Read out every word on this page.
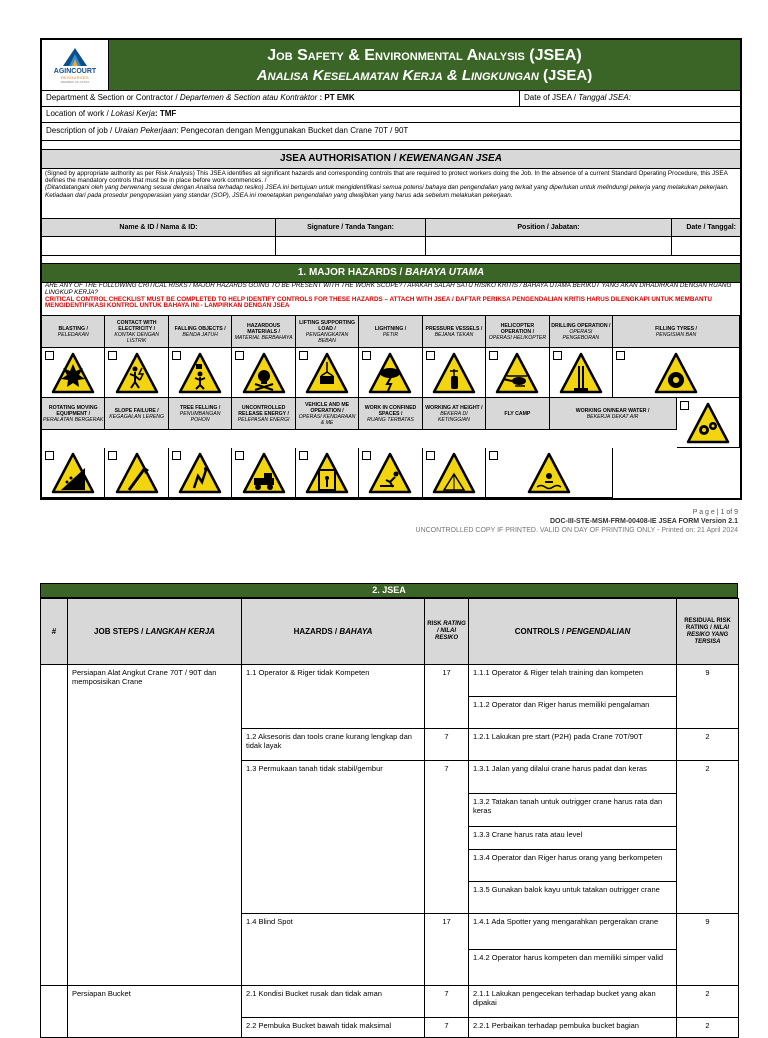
AGINCOURT
RESOURCES
MEMBER OF ASTRA
Job Safety & Environmental Analysis (JSEA)
Analisa Keselamatan Kerja & Lingkungan (JSEA)
Department & Section or Contractor / Departemen & Section atau Kontraktor : PT EMK	Date of JSEA / Tanggal JSEA:
Location of work / Lokasi Kerja: TMF
Description of job / Uraian Pekerjaan: Pengecoran dengan Menggunakan Bucket dan Crane 70T / 90T
JSEA AUTHORISATION / KEWENANGAN JSEA
(Signed by appropriate authority as per Risk Analysis) This JSEA identifies all significant hazards and corresponding controls that are required to protect workers doing the Job. In the absence of a current Standard Operating Procedure, this JSEA defines the mandatory controls that must be in place before work commences. /
(Ditandatangani oleh yang berwenang sesuai dengan Analisa terhadap resiko) JSEA ini bertujuan untuk mengidentifikasi semua potensi bahaya dan pengendalian yang terkait yang diperlukan untuk melindungi pekerja yang melakukan pekerjaan. Ketiadaan dari pada prosedur pengoperasian yang standar (SOP), JSEA ini menetapkan pengendalian yang diwajibkan yang harus ada sebelum melakukan pekerjaan.
Name & ID / Nama & ID:	Signature / Tanda Tangan:	Position / Jabatan:	Date / Tanggal:
1. MAJOR HAZARDS / BAHAYA UTAMA
ARE ANY OF THE FOLLOWING CRITICAL RISKS / MAJOR HAZARDS GOING TO BE PRESENT WITH THE WORK SCOPE? / APAKAH SALAH SATU RISIKO KRITIS / BAHAYA UTAMA BERIKUT YANG AKAN DIHADIRKAN DENGAN RUANG LINGKUP KERJA?
CRITICAL CONTROL CHECKLIST MUST BE COMPLETED TO HELP IDENTIFY CONTROLS FOR THESE HAZARDS – ATTACH WITH JSEA / DAFTAR PERIKSA PENGENDALIAN KRITIS HARUS DILENGKAPI UNTUK MEMBANTU MENGIDENTIFIKASI KONTROL UNTUK BAHAYA INI - LAMPIRKAN DENGAN JSEA
BLASTING /
PELEDAKAN
CONTACT WITH ELECTRICITY /
KONTAK DENGAN LISTRIK
FALLING OBJECTS /
BENDA JATUH
HAZARDOUS MATERIALS /
MATERIAL BERBAHAYA
LIFTING SUPPORTING LOAD /
PENGANGKATAN BEBAN
LIGHTNING /
PETIR
PRESSURE VESSELS /
BEJANA TEKAN
HELICOPTER OPERATION /
OPERASI HELIKOPTER
DRILLING OPERATION /
OPERASI PENGEBORAN
FILLING TYRES /
PENGISIAN BAN
ROTATING MOVING EQUIPMENT /
PERALATAN BERGERAK
SLOPE FAILURE /
KEGAGALAN LERENG
TREE FELLING /
PENUMBANGAN POHON
UNCONTROLLED RELEASE ENERGY /
PELEPASAN ENERGI
VEHICLE AND ME OPERATION /
OPERASI KENDARAAN & ME
WORK IN CONFINED SPACES /
RUANG TERBATAS
WORKING AT HEIGHT /
BEKERA DI KETINGGIAN
FLY CAMP	WORKING ON/NEAR WATER /
BEKERJA DEKAT AIR
P a g e | 1 of 9
DOC-III-STE-MSM-FRM-00408-IE JSEA FORM Version 2.1
UNCONTROLLED COPY IF PRINTED. VALID ON DAY OF PRINTING ONLY - Printed on: 21 April 2024
2. JSEA
#	JOB STEPS / LANGKAH KERJA	HAZARDS / BAHAYA	RISK RATING / NILAI RESIKO	CONTROLS / PENGENDALIAN	RESIDUAL RISK RATING / NILAI RESIKO YANG TERSISA
	Persiapan Alat Angkut Crane 70T / 90T dan memposisikan Crane	1.1 Operator & Riger tidak Kompeten	17	1.1.1 Operator & Riger telah training dan kompeten	9
				1.1.2 Operator dan Riger harus memiliki pengalaman	
		1.2 Aksesoris dan tools crane kurang lengkap dan tidak layak	7	1.2.1 Lakukan pre start (P2H) pada Crane 70T/90T	2
		1.3 Permukaan tanah tidak stabil/gembur	7	1.3.1 Jalan yang dilalui crane harus padat dan keras	2
				1.3.2 Tatakan tanah untuk outrigger crane harus rata dan keras	
				1.3.3 Crane harus rata atau level	
				1.3.4 Operator dan Riger harus orang yang berkompeten	
				1.3.5 Gunakan balok kayu untuk tatakan outrigger crane	
		1.4 Blind Spot	17	1.4.1 Ada Spotter yang mengarahkan pergerakan crane	9
				1.4.2 Operator harus kompeten dan memiliki simper valid	

	Persiapan Bucket	2.1 Kondisi Bucket rusak dan tidak aman	7	2.1.1 Lakukan pengecekan terhadap bucket yang akan dipakai	2
		2.2 Pembuka Bucket bawah tidak maksimal	7	2.2.1 Perbaikan terhadap pembuka bucket bagian	2
